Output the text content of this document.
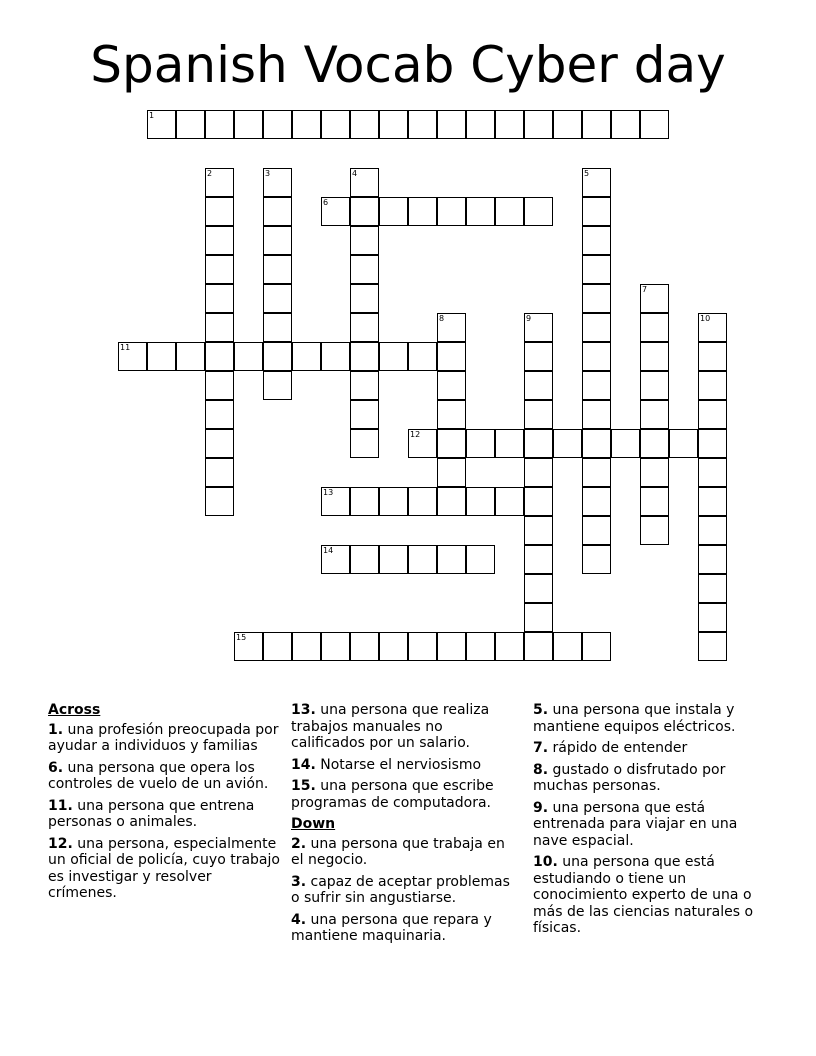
Spanish Vocab Cyber day
1
2	3	4	5
6
7
8	9	10
11
12
13
14
15
Across
1. una profesión preocupada por ayudar a individuos y familias
6. una persona que opera los controles de vuelo de un avión.
11. una persona que entrena personas o animales.
12. una persona, especialmente un oficial de policía, cuyo trabajo es investigar y resolver crímenes.
13. una persona que realiza trabajos manuales no calificados por un salario.
14. Notarse el nerviosismo
15. una persona que escribe programas de computadora.
Down
2. una persona que trabaja en el negocio.
3. capaz de aceptar problemas o sufrir sin angustiarse.
4. una persona que repara y mantiene maquinaria.
5. una persona que instala y mantiene equipos eléctricos.
7. rápido de entender
8. gustado o disfrutado por muchas personas.
9. una persona que está entrenada para viajar en una nave espacial.
10. una persona que está estudiando o tiene un conocimiento experto de una o más de las ciencias naturales o físicas.
